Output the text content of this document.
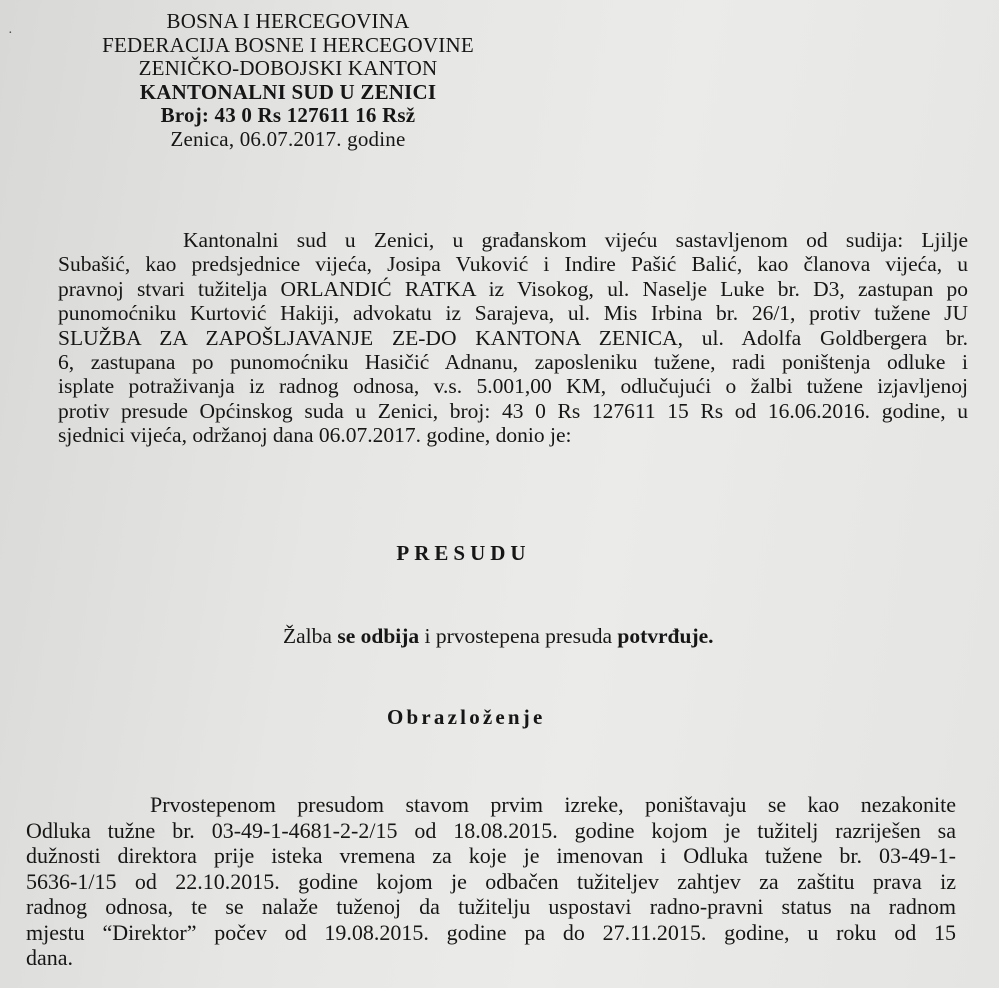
·
BOSNA I HERCEGOVINA
FEDERACIJA BOSNE I HERCEGOVINE
ZENIČKO-DOBOJSKI KANTON
KANTONALNI SUD U ZENICI
Broj: 43 0 Rs 127611 16 Rsž
Zenica, 06.07.2017. godine
Kantonalni sud u Zenici, u građanskom vijeću sastavljenom od sudija: Ljilje
Subašić, kao predsjednice vijeća, Josipa Vuković i Indire Pašić Balić, kao članova vijeća, u
pravnoj stvari tužitelja ORLANDIĆ RATKA iz Visokog, ul. Naselje Luke br. D3, zastupan po
punomoćniku Kurtović Hakiji, advokatu iz Sarajeva, ul. Mis Irbina br. 26/1, protiv tužene JU
SLUŽBA ZA ZAPOŠLJAVANJE ZE-DO KANTONA ZENICA, ul. Adolfa Goldbergera br.
6, zastupana po punomoćniku Hasičić Adnanu, zaposleniku tužene, radi poništenja odluke i
isplate potraživanja iz radnog odnosa, v.s. 5.001,00 KM, odlučujući o žalbi tužene izjavljenoj
protiv presude Općinskog suda u Zenici, broj: 43 0 Rs 127611 15 Rs od 16.06.2016. godine, u
sjednici vijeća, održanoj dana 06.07.2017. godine, donio je:
PRESUDU
Žalba se odbija i prvostepena presuda potvrđuje.
Obrazloženje
Prvostepenom presudom stavom prvim izreke, poništavaju se kao nezakonite
Odluka tužne br. 03-49-1-4681-2-2/15 od 18.08.2015. godine kojom je tužitelj razriješen sa
dužnosti direktora prije isteka vremena za koje je imenovan i Odluka tužene br. 03-49-1-
5636-1/15 od 22.10.2015. godine kojom je odbačen tužiteljev zahtjev za zaštitu prava iz
radnog odnosa, te se nalaže tuženoj da tužitelju uspostavi radno-pravni status na radnom
mjestu “Direktor” počev od 19.08.2015. godine pa do 27.11.2015. godine, u roku od 15
dana.
